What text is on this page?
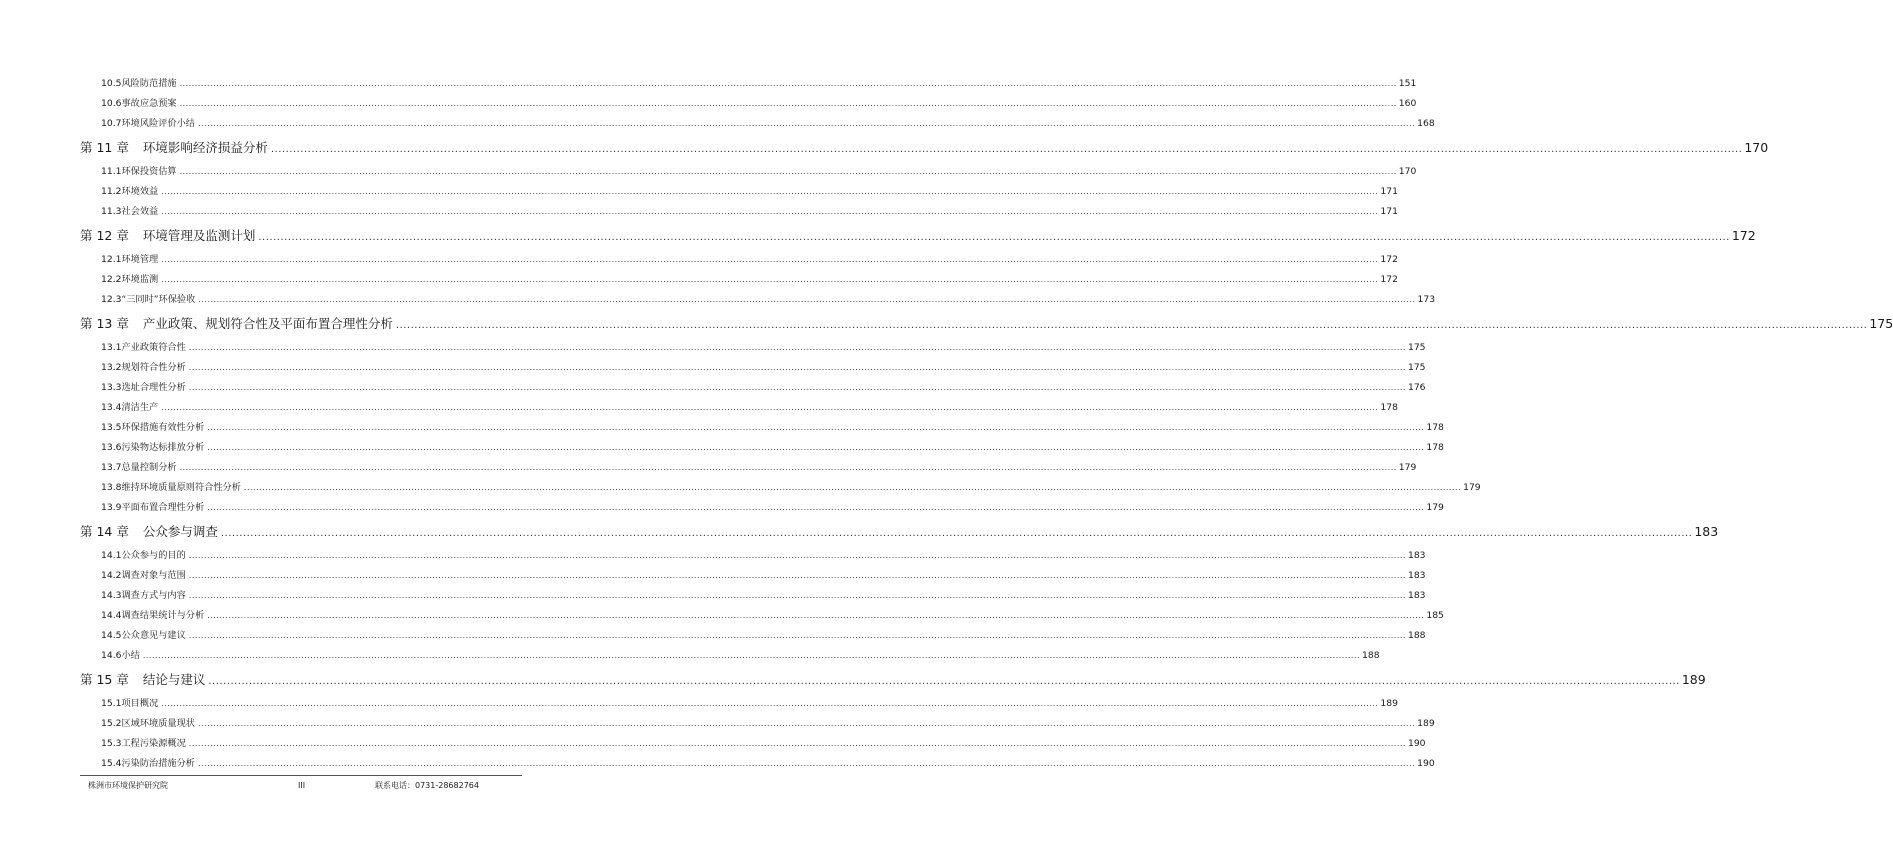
10.5 风险防范措施 ................................................................................................................................................................................................................................................................................................................................................................................................................ 151
10.6 事故应急预案 ................................................................................................................................................................................................................................................................................................................................................................................................................ 160
10.7 环境风险评价小结 ................................................................................................................................................................................................................................................................................................................................................................................................................ 168
第 11 章 环境影响经济损益分析 ................................................................................................................................................................................................................................................................................................................................................................................................................ 170
11.1 环保投资估算 ................................................................................................................................................................................................................................................................................................................................................................................................................ 170
11.2 环境效益 ................................................................................................................................................................................................................................................................................................................................................................................................................ 171
11.3 社会效益 ................................................................................................................................................................................................................................................................................................................................................................................................................ 171
第 12 章 环境管理及监测计划 ................................................................................................................................................................................................................................................................................................................................................................................................................ 172
12.1 环境管理 ................................................................................................................................................................................................................................................................................................................................................................................................................ 172
12.2 环境监测 ................................................................................................................................................................................................................................................................................................................................................................................................................ 172
12.3 “三同时”环保验收 ................................................................................................................................................................................................................................................................................................................................................................................................................ 173
第 13 章 产业政策、规划符合性及平面布置合理性分析 ................................................................................................................................................................................................................................................................................................................................................................................................................ 175
13.1 产业政策符合性 ................................................................................................................................................................................................................................................................................................................................................................................................................ 175
13.2 规划符合性分析 ................................................................................................................................................................................................................................................................................................................................................................................................................ 175
13.3 选址合理性分析 ................................................................................................................................................................................................................................................................................................................................................................................................................ 176
13.4 清洁生产 ................................................................................................................................................................................................................................................................................................................................................................................................................ 178
13.5 环保措施有效性分析 ................................................................................................................................................................................................................................................................................................................................................................................................................ 178
13.6 污染物达标排放分析 ................................................................................................................................................................................................................................................................................................................................................................................................................ 178
13.7 总量控制分析 ................................................................................................................................................................................................................................................................................................................................................................................................................ 179
13.8 维持环境质量原则符合性分析 ................................................................................................................................................................................................................................................................................................................................................................................................................ 179
13.9 平面布置合理性分析 ................................................................................................................................................................................................................................................................................................................................................................................................................ 179
第 14 章 公众参与调查 ................................................................................................................................................................................................................................................................................................................................................................................................................ 183
14.1 公众参与的目的 ................................................................................................................................................................................................................................................................................................................................................................................................................ 183
14.2 调查对象与范围 ................................................................................................................................................................................................................................................................................................................................................................................................................ 183
14.3 调查方式与内容 ................................................................................................................................................................................................................................................................................................................................................................................................................ 183
14.4 调查结果统计与分析 ................................................................................................................................................................................................................................................................................................................................................................................................................ 185
14.5 公众意见与建议 ................................................................................................................................................................................................................................................................................................................................................................................................................ 188
14.6 小结 ................................................................................................................................................................................................................................................................................................................................................................................................................ 188
第 15 章 结论与建议 ................................................................................................................................................................................................................................................................................................................................................................................................................ 189
15.1 项目概况 ................................................................................................................................................................................................................................................................................................................................................................................................................ 189
15.2 区域环境质量现状 ................................................................................................................................................................................................................................................................................................................................................................................................................ 189
15.3 工程污染源概况 ................................................................................................................................................................................................................................................................................................................................................................................................................ 190
15.4 污染防治措施分析 ................................................................................................................................................................................................................................................................................................................................................................................................................ 190
株洲市环境保护研究院	III	联系电话：0731-28682764
